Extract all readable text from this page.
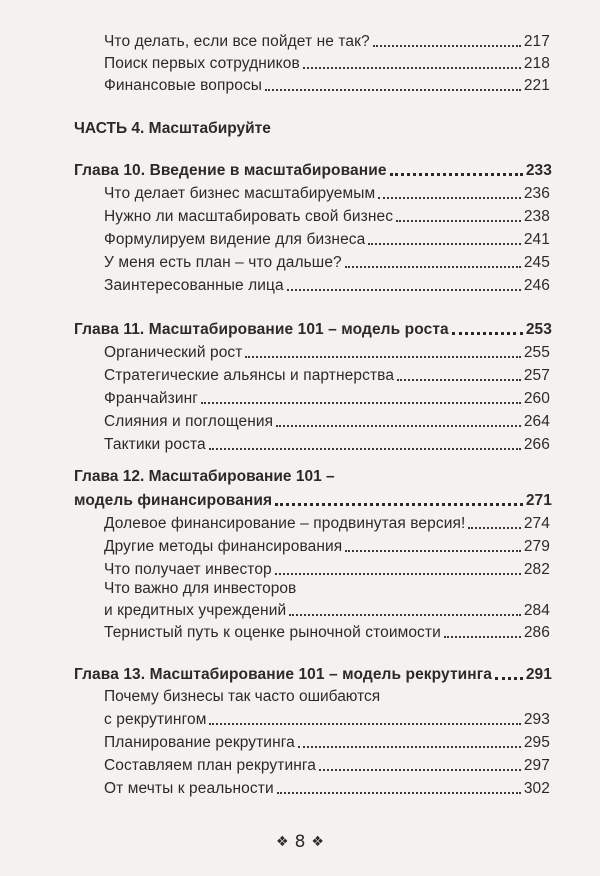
Что делать, если все пойдет не так?	217
Поиск первых сотрудников	218
Финансовые вопросы	221
ЧАСТЬ 4. Масштабируйте
Глава 10. Введение в масштабирование	233
Что делает бизнес масштабируемым	236
Нужно ли масштабировать свой бизнес	238
Формулируем видение для бизнеса	241
У меня есть план – что дальше?	245
Заинтересованные лица	246
Глава 11. Масштабирование 101 – модель роста	253
Органический рост	255
Стратегические альянсы и партнерства	257
Франчайзинг	260
Слияния и поглощения	264
Тактики роста	266
Глава 12. Масштабирование 101 –
модель финансирования	271
Долевое финансирование – продвинутая версия!	274
Другие методы финансирования	279
Что получает инвестор	282
Что важно для инвесторов
и кредитных учреждений	284
Тернистый путь к оценке рыночной стоимости	286
Глава 13. Масштабирование 101 – модель рекрутинга 291
Почему бизнесы так часто ошибаются
с рекрутингом	293
Планирование рекрутинга	295
Составляем план рекрутинга	297
От мечты к реальности	302
❖ 8 ❖
